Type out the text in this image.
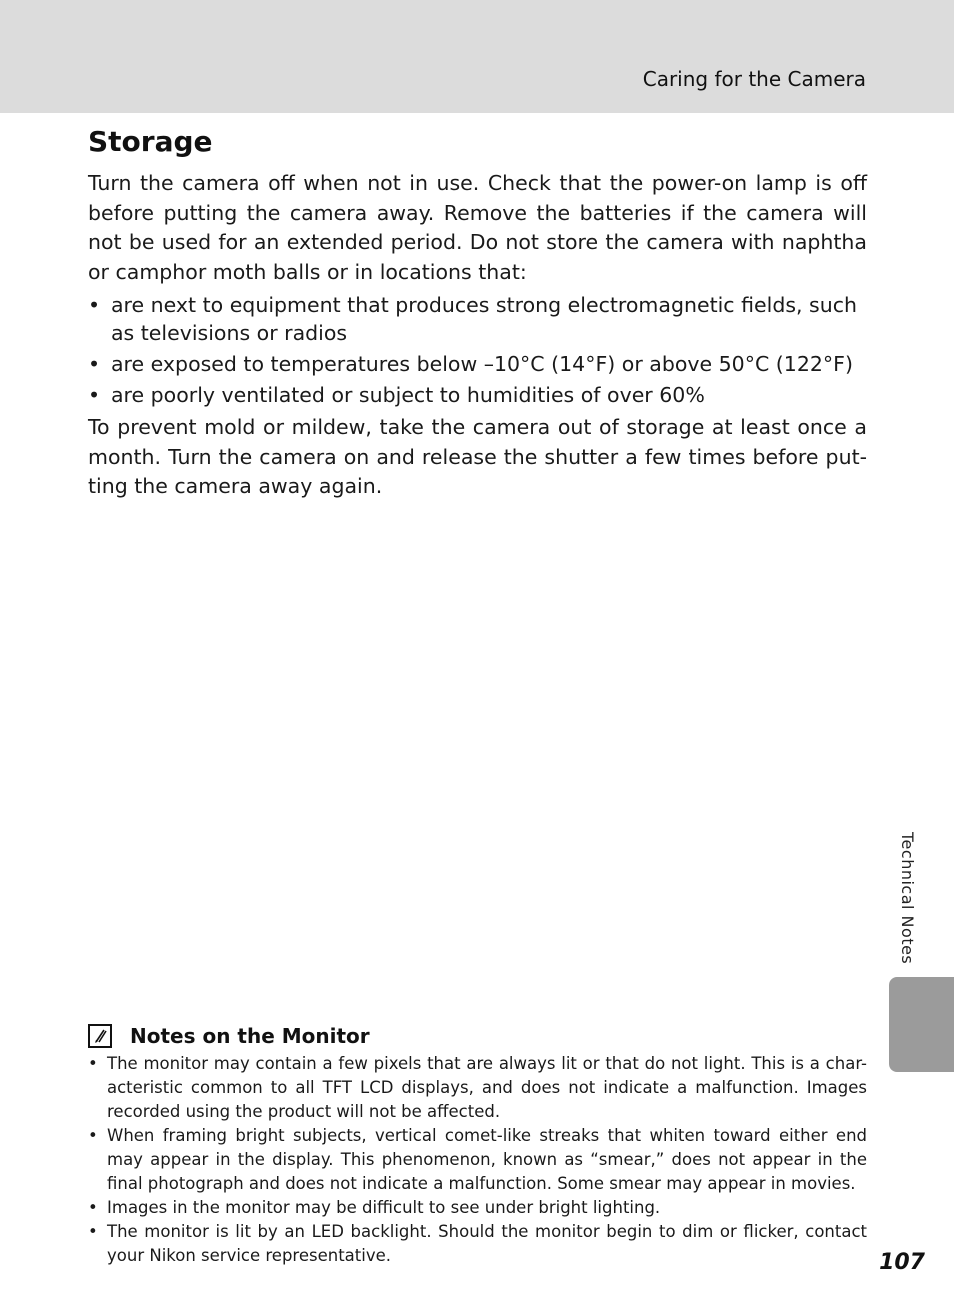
Caring for the Camera
Storage

Turn the camera off when not in use. Check that the power-on lamp is off before putting the camera away. Remove the batteries if the camera will not be used for an extended period. Do not store the camera with naphtha or camphor moth balls or in locations that:

• are next to equipment that produces strong electromagnetic fields, such as televisions or radios
• are exposed to temperatures below –10°C (14°F) or above 50°C (122°F)
• are poorly ventilated or subject to humidities of over 60%

To prevent mold or mildew, take the camera out of storage at least once a month. Turn the camera on and release the shutter a few times before put-ting the camera away again.

Technical Notes
Notes on the Monitor
• The monitor may contain a few pixels that are always lit or that do not light. This is a char-acteristic common to all TFT LCD displays, and does not indicate a malfunction. Images recorded using the product will not be affected.
• When framing bright subjects, vertical comet-like streaks that whiten toward either end may appear in the display. This phenomenon, known as “smear,” does not appear in the final photograph and does not indicate a malfunction. Some smear may appear in movies.
• Images in the monitor may be difficult to see under bright lighting.
• The monitor is lit by an LED backlight. Should the monitor begin to dim or flicker, contact your Nikon service representative.	107
